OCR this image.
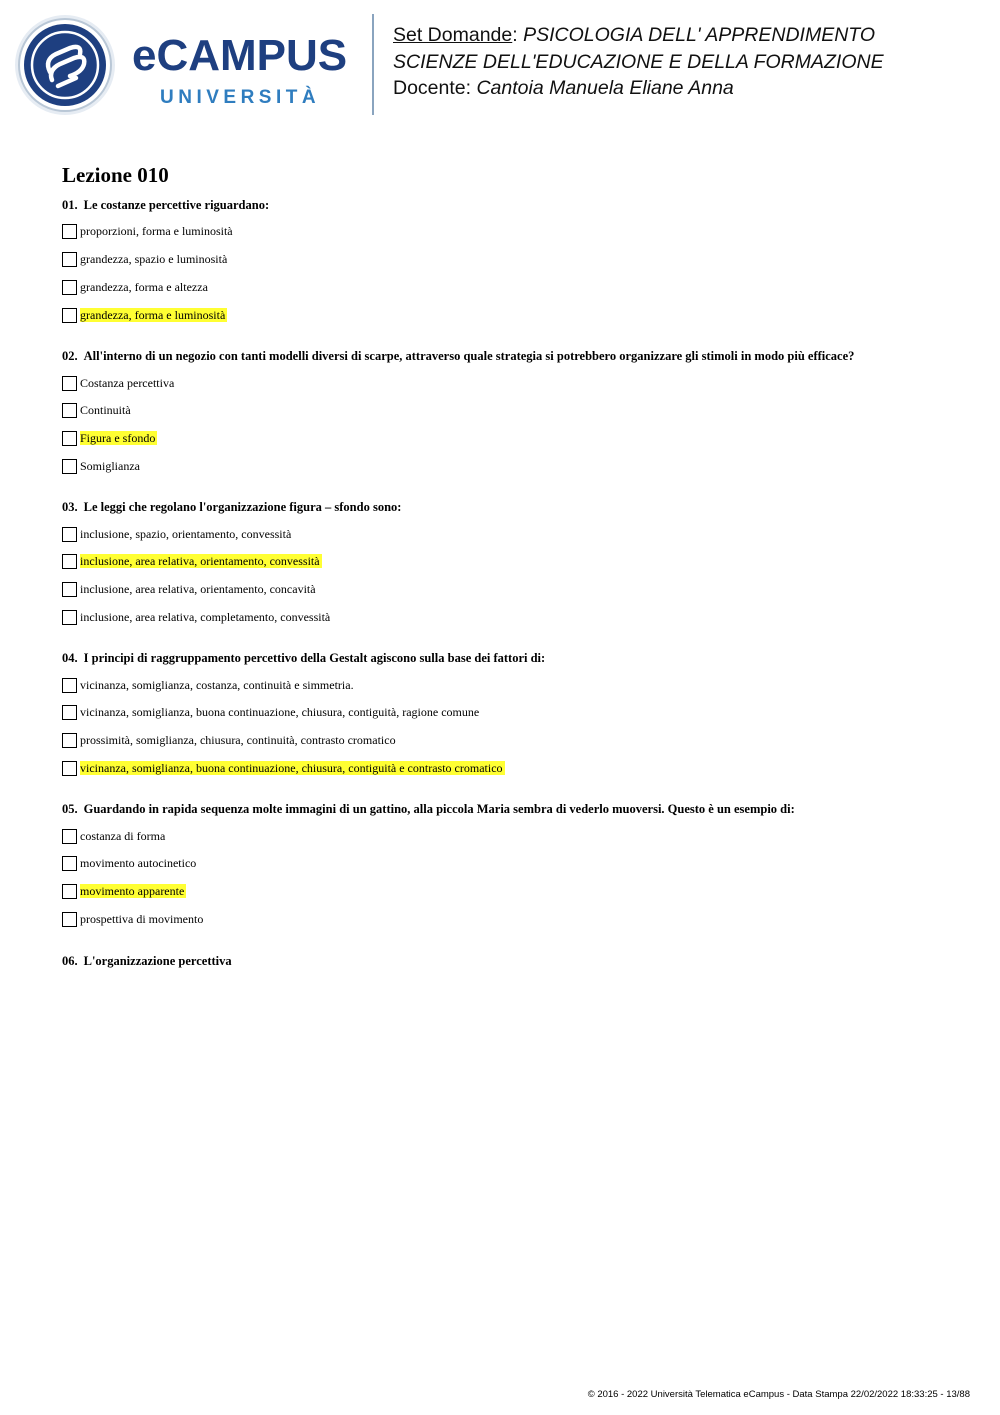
eCAMPUS
UNIVERSITÀ
Set Domande: PSICOLOGIA DELL' APPRENDIMENTO
SCIENZE DELL'EDUCAZIONE E DELLA FORMAZIONE
Docente: Cantoia Manuela Eliane Anna
Lezione 010
01. Le costanze percettive riguardano:
proporzioni, forma e luminosità
grandezza, spazio e luminosità
grandezza, forma e altezza
grandezza, forma e luminosità
02. All'interno di un negozio con tanti modelli diversi di scarpe, attraverso quale strategia si potrebbero organizzare gli stimoli in modo più efficace?
Costanza percettiva
Continuità
Figura e sfondo
Somiglianza
03. Le leggi che regolano l'organizzazione figura – sfondo sono:
inclusione, spazio, orientamento, convessità
inclusione, area relativa, orientamento, convessità
inclusione, area relativa, orientamento, concavità
inclusione, area relativa, completamento, convessità
04. I principi di raggruppamento percettivo della Gestalt agiscono sulla base dei fattori di:
vicinanza, somiglianza, costanza, continuità e simmetria.
vicinanza, somiglianza, buona continuazione, chiusura, contiguità, ragione comune
prossimità, somiglianza, chiusura, continuità, contrasto cromatico
vicinanza, somiglianza, buona continuazione, chiusura, contiguità e contrasto cromatico
05. Guardando in rapida sequenza molte immagini di un gattino, alla piccola Maria sembra di vederlo muoversi. Questo è un esempio di:
costanza di forma
movimento autocinetico
movimento apparente
prospettiva di movimento
06. L'organizzazione percettiva
© 2016 - 2022 Università Telematica eCampus - Data Stampa 22/02/2022 18:33:25 - 13/88
